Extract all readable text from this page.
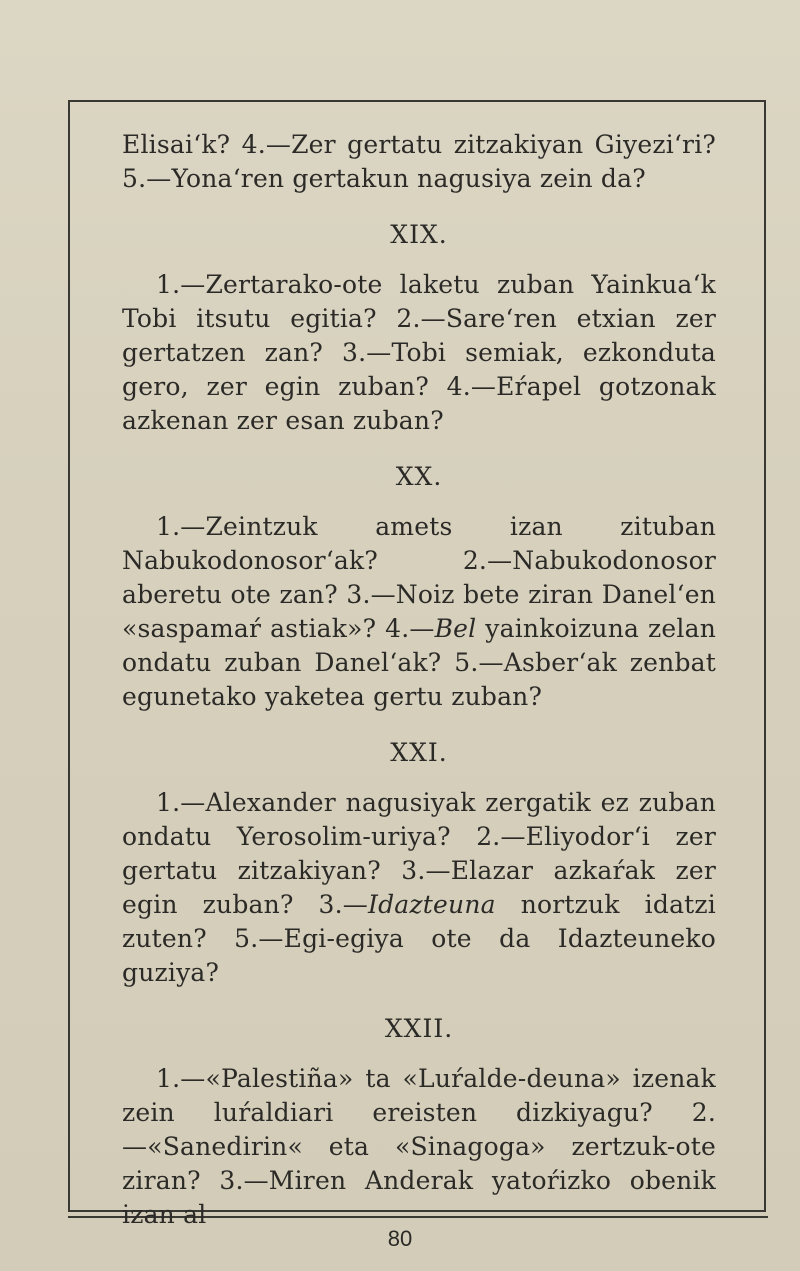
Elisai‘k? 4.—Zer gertatu zitzakiyan Giyezi‘ri? 5.—Yona‘ren gertakun nagusiya zein da?
XIX.
1.—Zertarako-ote laketu zuban Yainkua‘k Tobi itsutu egitia? 2.—Sare‘ren etxian zer gertatzen zan? 3.—Tobi semiak, ezkonduta gero, zer egin zuban? 4.—Eŕapel gotzonak azkenan zer esan zuban?
XX.
1.—Zeintzuk amets izan zituban Nabukodonosor‘ak? 2.—Nabukodonosor aberetu ote zan? 3.—Noiz bete ziran Danel‘en «saspamaŕ astiak»? 4.—Bel yainkoizuna zelan ondatu zuban Danel‘ak? 5.—Asber‘ak zenbat egunetako yaketea gertu zuban?
XXI.
1.—Alexander nagusiyak zergatik ez zuban ondatu Yerosolim-uriya? 2.—Eliyodor‘i zer gertatu zitzakiyan? 3.—Elazar azkaŕak zer egin zuban? 3.—Idazteuna nortzuk idatzi zuten? 5.—Egi-egiya ote da Idazteuneko guziya?
XXII.
1.—«Palestiña» ta «Luŕalde-deuna» izenak zein luŕaldiari ereisten dizkiyagu? 2.—«Sanedirin« eta «Sinagoga» zertzuk-ote ziran? 3.—Miren Anderak yatoŕizko obenik izan al
80
